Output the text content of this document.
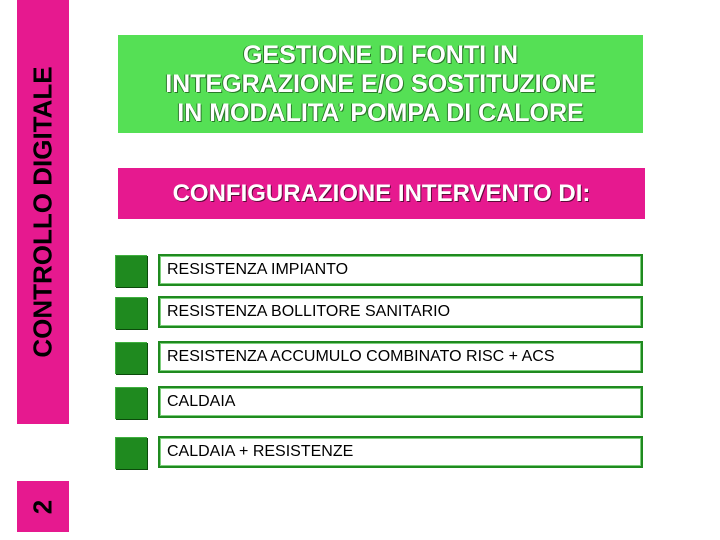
CONTROLLO DIGITALE
2
GESTIONE DI FONTI IN
INTEGRAZIONE E/O SOSTITUZIONE
IN MODALITA’ POMPA DI CALORE
CONFIGURAZIONE INTERVENTO DI:
RESISTENZA IMPIANTO
RESISTENZA BOLLITORE SANITARIO
RESISTENZA ACCUMULO COMBINATO RISC + ACS
CALDAIA
CALDAIA + RESISTENZE
